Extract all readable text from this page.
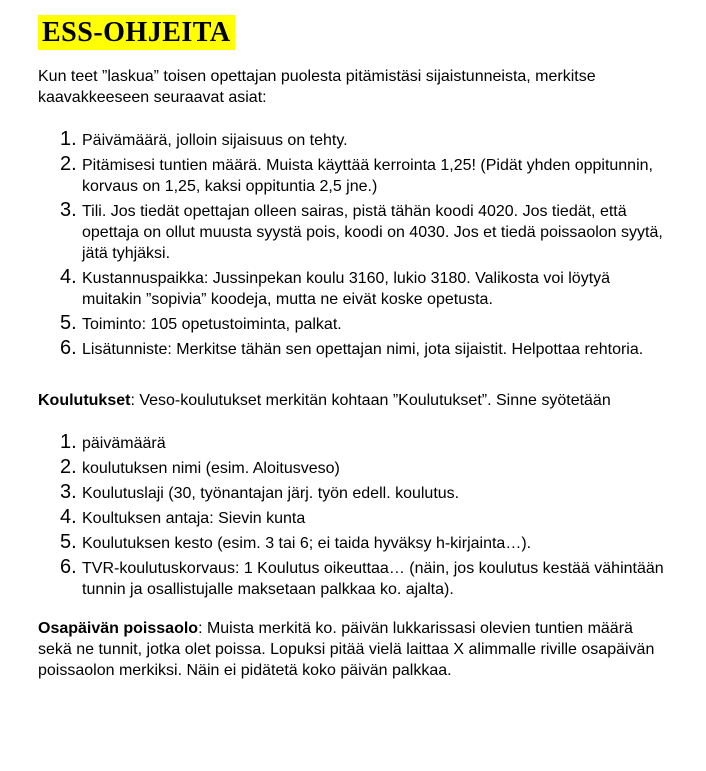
ESS-OHJEITA

Kun teet ”laskua” toisen opettajan puolesta pitämistäsi sijaistunneista, merkitse kaavakkeeseen seuraavat asiat:

Päivämäärä, jolloin sijaisuus on tehty.
Pitämisesi tuntien määrä. Muista käyttää kerrointa 1,25! (Pidät yhden oppitunnin, korvaus on 1,25, kaksi oppituntia 2,5 jne.)
Tili. Jos tiedät opettajan olleen sairas, pistä tähän koodi 4020. Jos tiedät, että opettaja on ollut muusta syystä pois, koodi on 4030. Jos et tiedä poissaolon syytä, jätä tyhjäksi.
Kustannuspaikka: Jussinpekan koulu 3160, lukio 3180. Valikosta voi löytyä muitakin ”sopivia” koodeja, mutta ne eivät koske opetusta.
Toiminto: 105 opetustoiminta, palkat.
Lisätunniste: Merkitse tähän sen opettajan nimi, jota sijaistit. Helpottaa rehtoria.

Koulutukset: Veso-koulutukset merkitän kohtaan ”Koulutukset”. Sinne syötetään

päivämäärä
koulutuksen nimi (esim. Aloitusveso)
Koulutuslaji (30, työnantajan järj. työn edell. koulutus.
Koultuksen antaja: Sievin kunta
Koulutuksen kesto (esim. 3 tai 6; ei taida hyväksy h-kirjainta…).
TVR-koulutuskorvaus: 1 Koulutus oikeuttaa… (näin, jos koulutus kestää vähintään tunnin ja osallistujalle maksetaan palkkaa ko. ajalta).

Osapäivän poissaolo: Muista merkitä ko. päivän lukkarissasi olevien tuntien määrä sekä ne tunnit, jotka olet poissa. Lopuksi pitää vielä laittaa X alimmalle riville osapäivän poissaolon merkiksi. Näin ei pidätetä koko päivän palkkaa.
